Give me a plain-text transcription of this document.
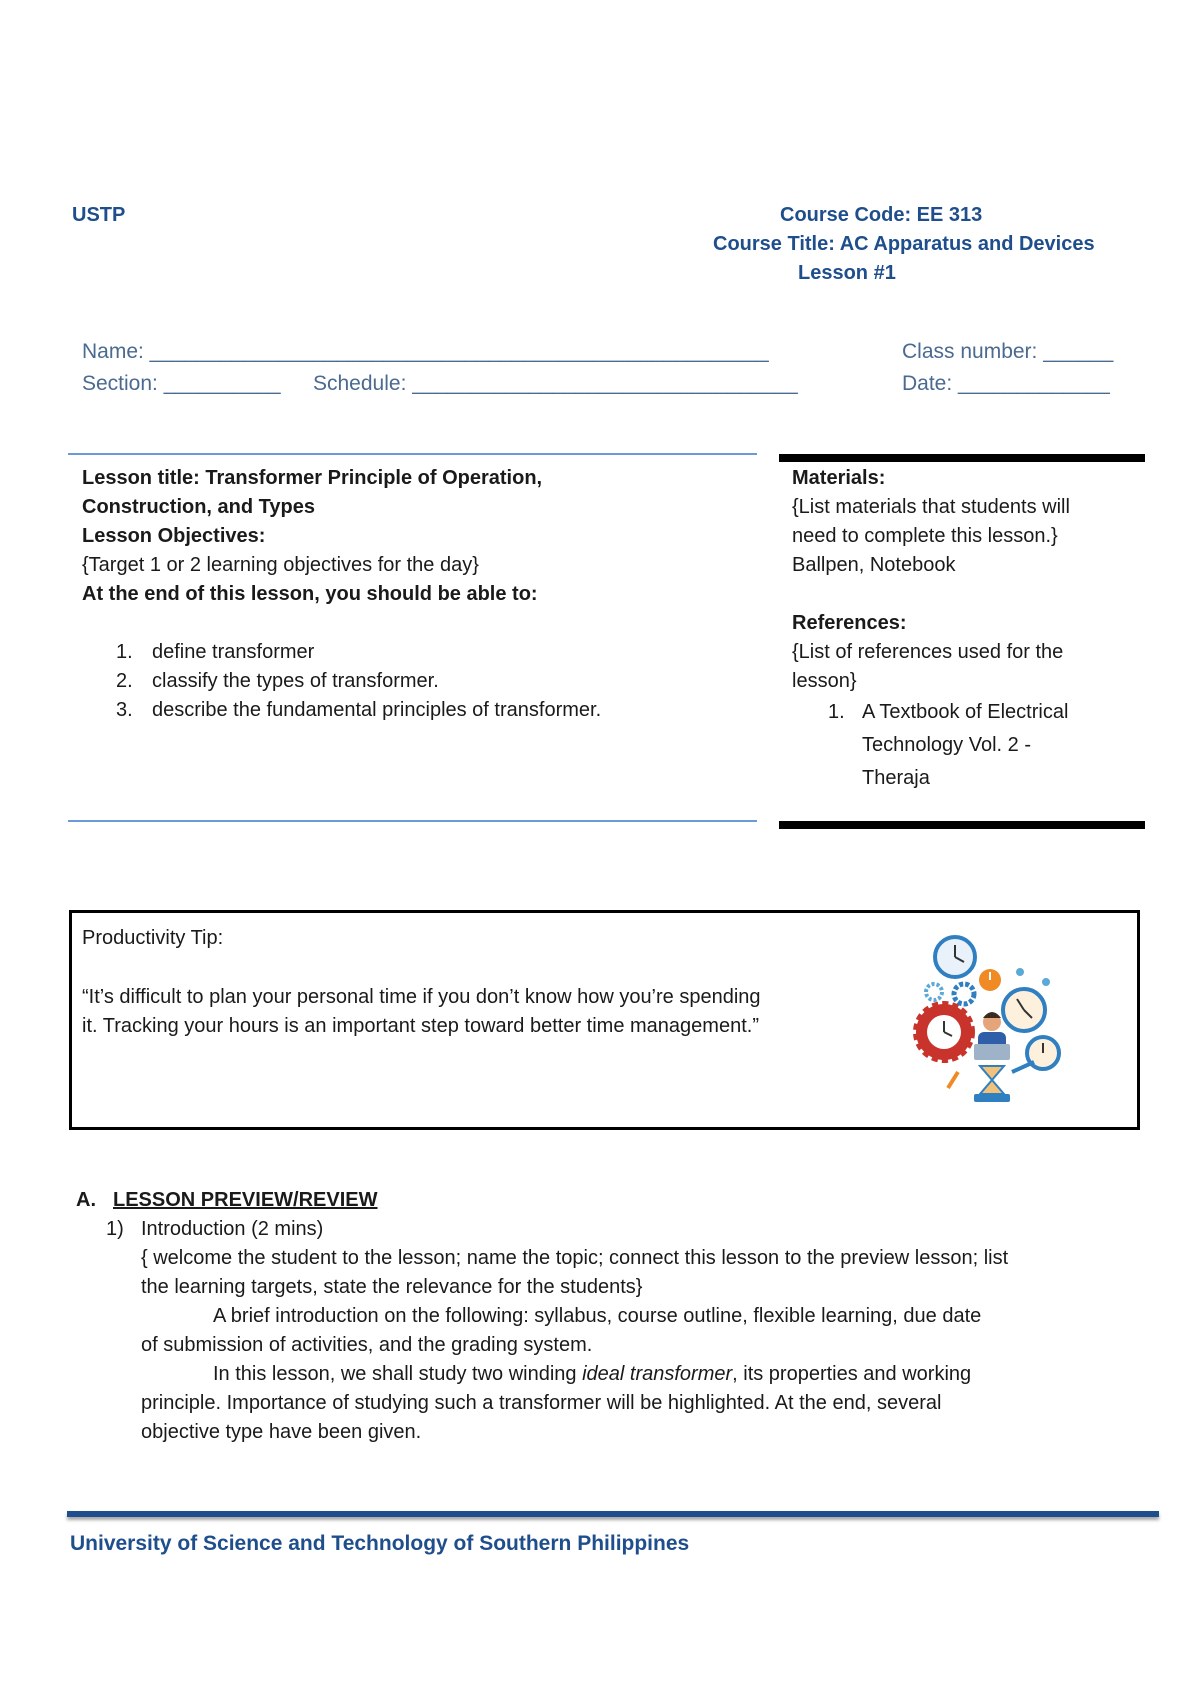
USTP	Course Code: EE 313
Course Title: AC Apparatus and Devices
Lesson #1
Name: _____________________________________________________	Class number: ______
Section: __________ Schedule: _________________________________	Date: _____________
Lesson title: Transformer Principle of Operation,
Construction, and Types
Lesson Objectives:
{Target 1 or 2 learning objectives for the day}
At the end of this lesson, you should be able to:
1. define transformer
2. classify the types of transformer.
3. describe the fundamental principles of transformer.
Materials:
{List materials that students will
need to complete this lesson.}
Ballpen, Notebook
References:
{List of references used for the
lesson}
1. A Textbook of Electrical
Technology Vol. 2 -
Theraja
Productivity Tip:
“It’s difficult to plan your personal time if you don’t know how you’re spending
it. Tracking your hours is an important step toward better time management.”
A. LESSON PREVIEW/REVIEW
1) Introduction (2 mins)
{ welcome the student to the lesson; name the topic; connect this lesson to the preview lesson; list
the learning targets, state the relevance for the students}
A brief introduction on the following: syllabus, course outline, flexible learning, due date
of submission of activities, and the grading system.
In this lesson, we shall study two winding ideal transformer, its properties and working
principle. Importance of studying such a transformer will be highlighted. At the end, several
objective type have been given.
University of Science and Technology of Southern Philippines
